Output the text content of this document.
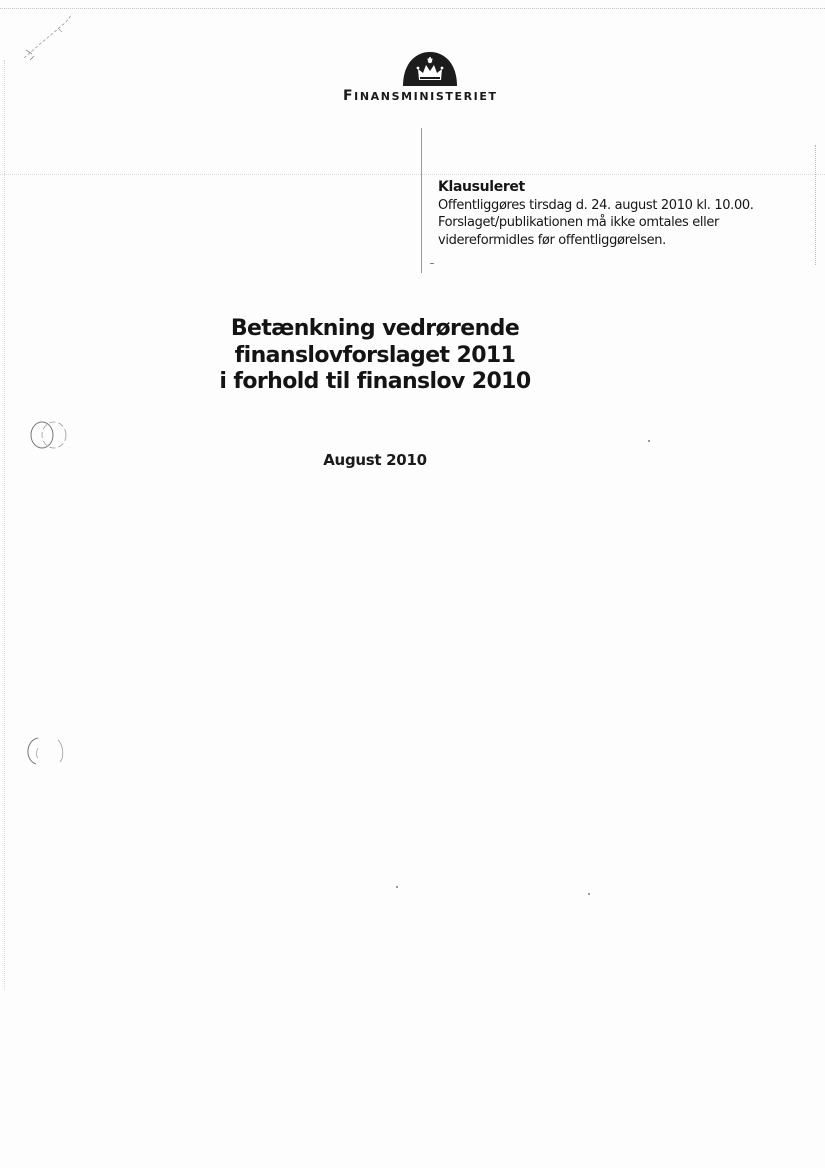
FINANSMINISTERIET
Klausuleret
Offentliggøres tirsdag d. 24. august 2010 kl. 10.00.
Forslaget/publikationen må ikke omtales eller
videreformidles før offentliggørelsen.
Betænkning vedrørende
finanslovforslaget 2011
i forhold til finanslov 2010
August 2010
